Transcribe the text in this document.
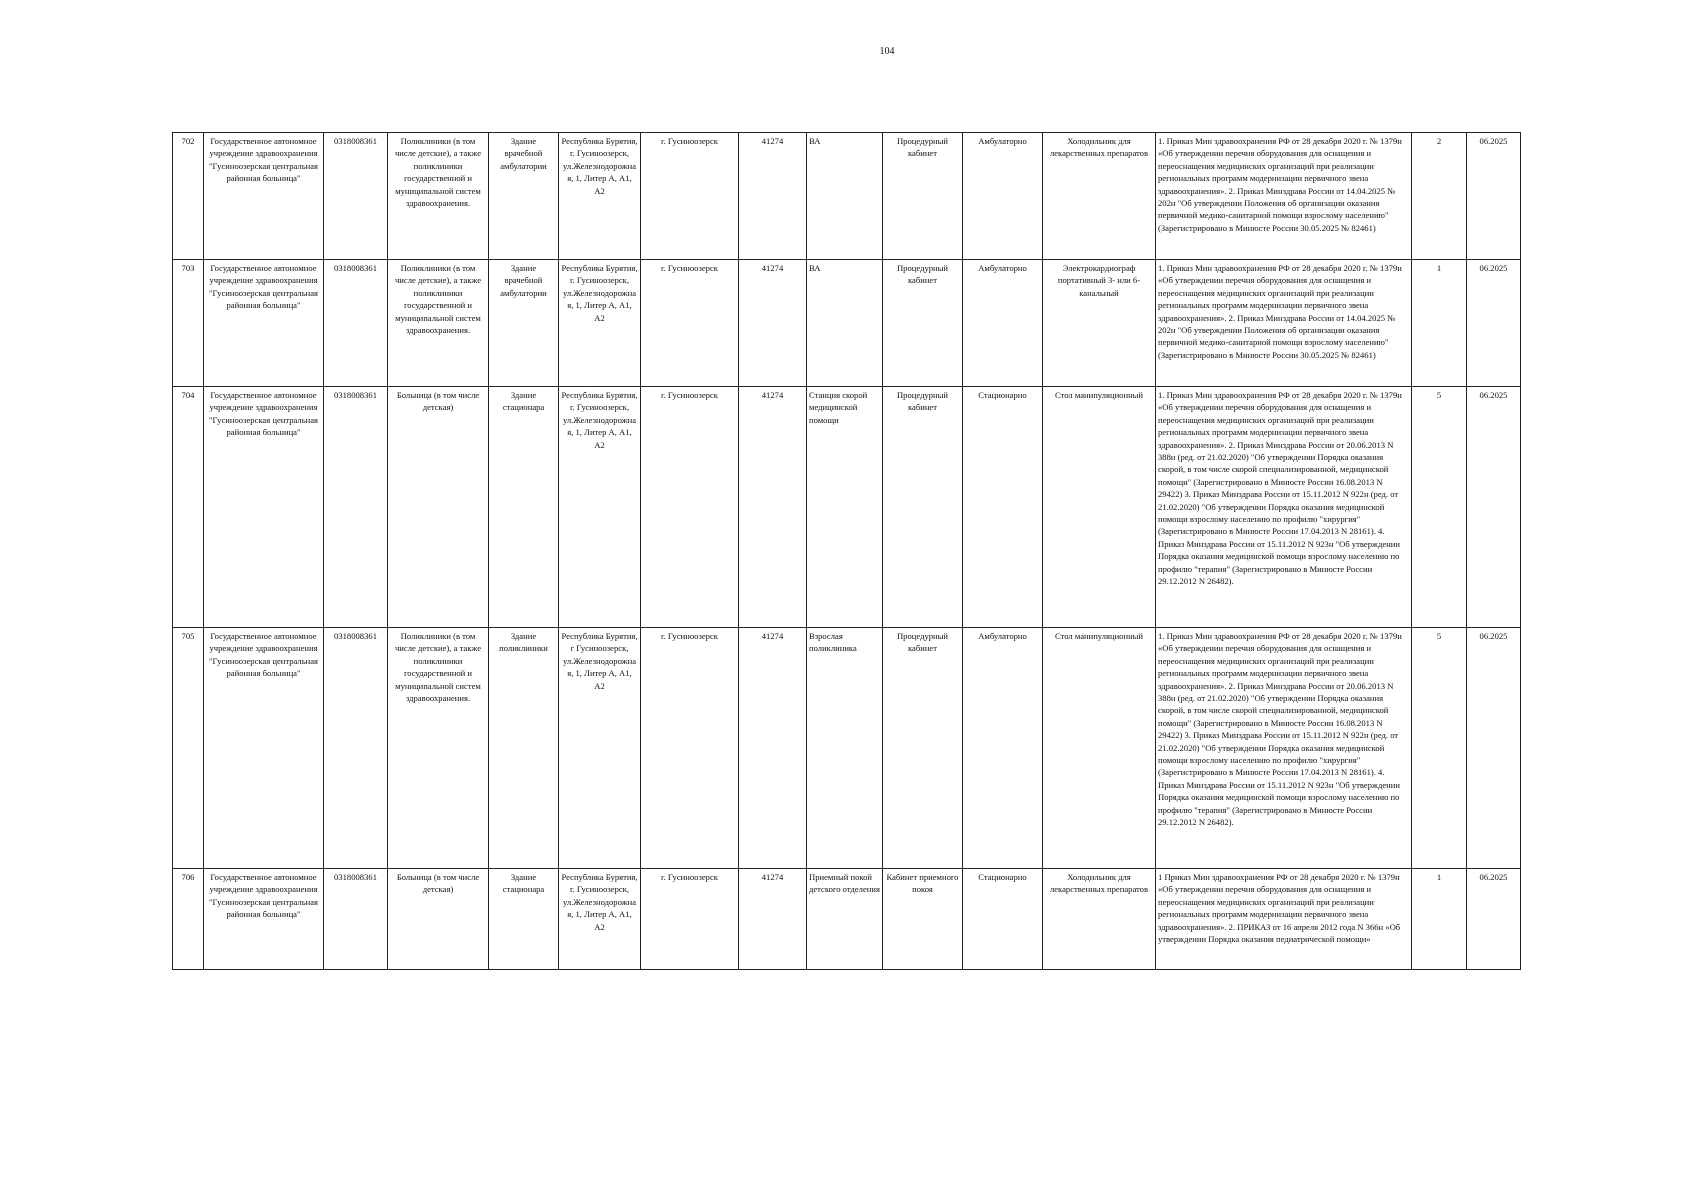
104
702	Государственное автономное учреждение здравоохранения "Гусиноозерская центральная районная больница"	0318008361	Поликлиники (в том числе детские), а также поликлиники государственной и муниципальной систем здравоохранения.	Здание врачебной амбулатории	Республика Бурятия, г. Гусиноозерск, ул.Железнодорожная, 1, Литер А, А1, А2	г. Гусиноозерск	41274	ВА	Процедурный кабинет	Амбулаторно	Холодильник для лекарственных препаратов	1. Приказ Мин здравоохранения РФ от 28 декабря 2020 г. № 1379н «Об утверждении перечня оборудования для оснащения и переоснащения медицинских организаций при реализации региональных программ модернизации первичного звена здравоохранения». 2. Приказ Минздрава России от 14.04.2025 № 202н "Об утверждении Положения об организации оказания первичной медико-санитарной помощи взрослому населению" (Зарегистрировано в Минюсте России 30.05.2025 № 82461)	2	06.2025
703	Государственное автономное учреждение здравоохранения "Гусиноозерская центральная районная больница"	0318008361	Поликлиники (в том числе детские), а также поликлиники государственной и муниципальной систем здравоохранения.	Здание врачебной амбулатории	Республика Бурятия, г. Гусиноозерск, ул.Железнодорожная, 1, Литер А, А1, А2	г. Гусиноозерск	41274	ВА	Процедурный кабинет	Амбулаторно	Электрокардиограф портативный 3- или 6-канальный	1. Приказ Мин здравоохранения РФ от 28 декабря 2020 г. № 1379н «Об утверждении перечня оборудования для оснащения и переоснащения медицинских организаций при реализации региональных программ модернизации первичного звена здравоохранения». 2. Приказ Минздрава России от 14.04.2025 № 202н "Об утверждении Положения об организации оказания первичной медико-санитарной помощи взрослому населению" (Зарегистрировано в Минюсте России 30.05.2025 № 82461)	1	06.2025
704	Государственное автономное учреждение здравоохранения "Гусиноозерская центральная районная больница"	0318008361	Больница (в том числе детская)	Здание стационара	Республика Бурятия, г. Гусиноозерск, ул.Железнодорожная, 1, Литер А, А1, А2	г. Гусиноозерск	41274	Станция скорой медицинской помощи	Процедурный кабинет	Стационарно	Стол манипуляционный	1. Приказ Мин здравоохранения РФ от 28 декабря 2020 г. № 1379н «Об утверждении перечня оборудования для оснащения и переоснащения медицинских организаций при реализации региональных программ модернизации первичного звена здравоохранения». 2. Приказ Минздрава России от 20.06.2013 N 388н (ред. от 21.02.2020) "Об утверждении Порядка оказания скорой, в том числе скорой специализированной, медицинской помощи" (Зарегистрировано в Минюсте России 16.08.2013 N 29422) 3. Приказ Минздрава России от 15.11.2012 N 922н (ред. от 21.02.2020) "Об утверждении Порядка оказания медицинской помощи взрослому населению по профилю "хирургия" (Зарегистрировано в Минюсте России 17.04.2013 N 28161). 4. Приказ Минздрава России от 15.11.2012 N 923н "Об утверждении Порядка оказания медицинской помощи взрослому населению по профилю "терапия" (Зарегистрировано в Минюсте России 29.12.2012 N 26482).	5	06.2025
705	Государственное автономное учреждение здравоохранения "Гусиноозерская центральная районная больница"	0318008361	Поликлиники (в том числе детские), а также поликлиники государственной и муниципальной систем здравоохранения.	Здание поликлиники	Республика Бурятия, г Гусиноозерск, ул.Железнодорожная, 1, Литер А, А1, А2	г. Гусиноозерск	41274	Взрослая поликлиника	Процедурный кабинет	Амбулаторно	Стол манипуляционный	1. Приказ Мин здравоохранения РФ от 28 декабря 2020 г. № 1379н «Об утверждении перечня оборудования для оснащения и переоснащения медицинских организаций при реализации региональных программ модернизации первичного звена здравоохранения». 2. Приказ Минздрава России от 20.06.2013 N 388н (ред. от 21.02.2020) "Об утверждении Порядка оказания скорой, в том числе скорой специализированной, медицинской помощи" (Зарегистрировано в Минюсте России 16.08.2013 N 29422) 3. Приказ Минздрава России от 15.11.2012 N 922н (ред. от 21.02.2020) "Об утверждении Порядка оказания медицинской помощи взрослому населению по профилю "хирургия" (Зарегистрировано в Минюсте России 17.04.2013 N 28161). 4. Приказ Минздрава России от 15.11.2012 N 923н "Об утверждении Порядка оказания медицинской помощи взрослому населению по профилю "терапия" (Зарегистрировано в Минюсте России 29.12.2012 N 26482).	5	06.2025
706	Государственное автономное учреждение здравоохранения "Гусиноозерская центральная районная больница"	0318008361	Больница (в том числе детская)	Здание стационара	Республика Бурятия, г. Гусиноозерск, ул.Железнодорожная, 1, Литер А, А1, А2	г. Гусиноозерск	41274	Приемный покой детского отделения	Кабинет приемного покоя	Стационарно	Холодильник для лекарственных препаратов	1 Приказ Мин здравоохранения РФ от 28 декабря 2020 г. № 1379н «Об утверждении перечня оборудования для оснащения и переоснащения медицинских организаций при реализации региональных программ модернизации первичного звена здравоохранения». 2. ПРИКАЗ от 16 апреля 2012 года N 366н «Об утверждении Порядка оказания педиатрической помощи»	1	06.2025
